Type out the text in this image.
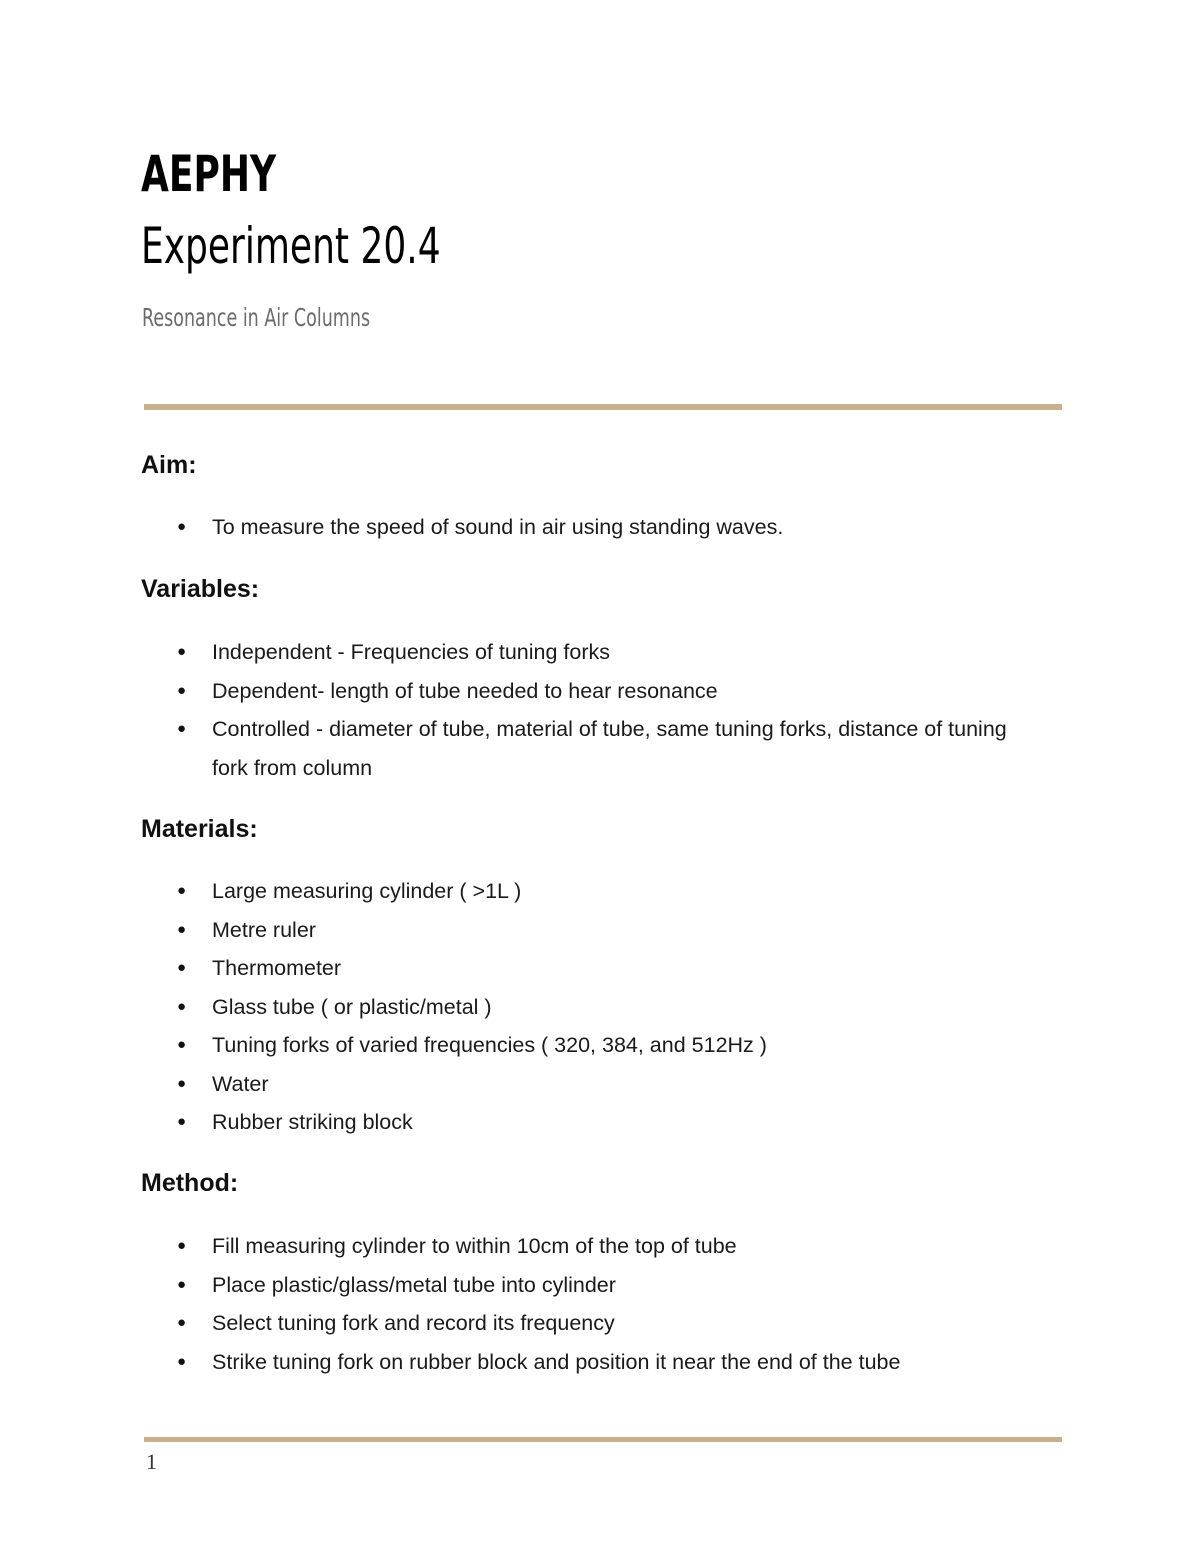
AEPHY
Experiment 20.4

Resonance in Air Columns

Aim:
● To measure the speed of sound in air using standing waves.
Variables:
● Independent - Frequencies of tuning forks
● Dependent- length of tube needed to hear resonance
● Controlled - diameter of tube, material of tube, same tuning forks, distance of tuning fork from column
Materials:
● Large measuring cylinder ( >1L )
● Metre ruler
● Thermometer
● Glass tube ( or plastic/metal )
● Tuning forks of varied frequencies ( 320, 384, and 512Hz )
● Water
● Rubber striking block
Method:
● Fill measuring cylinder to within 10cm of the top of tube
● Place plastic/glass/metal tube into cylinder
● Select tuning fork and record its frequency
● Strike tuning fork on rubber block and position it near the end of the tube
1
